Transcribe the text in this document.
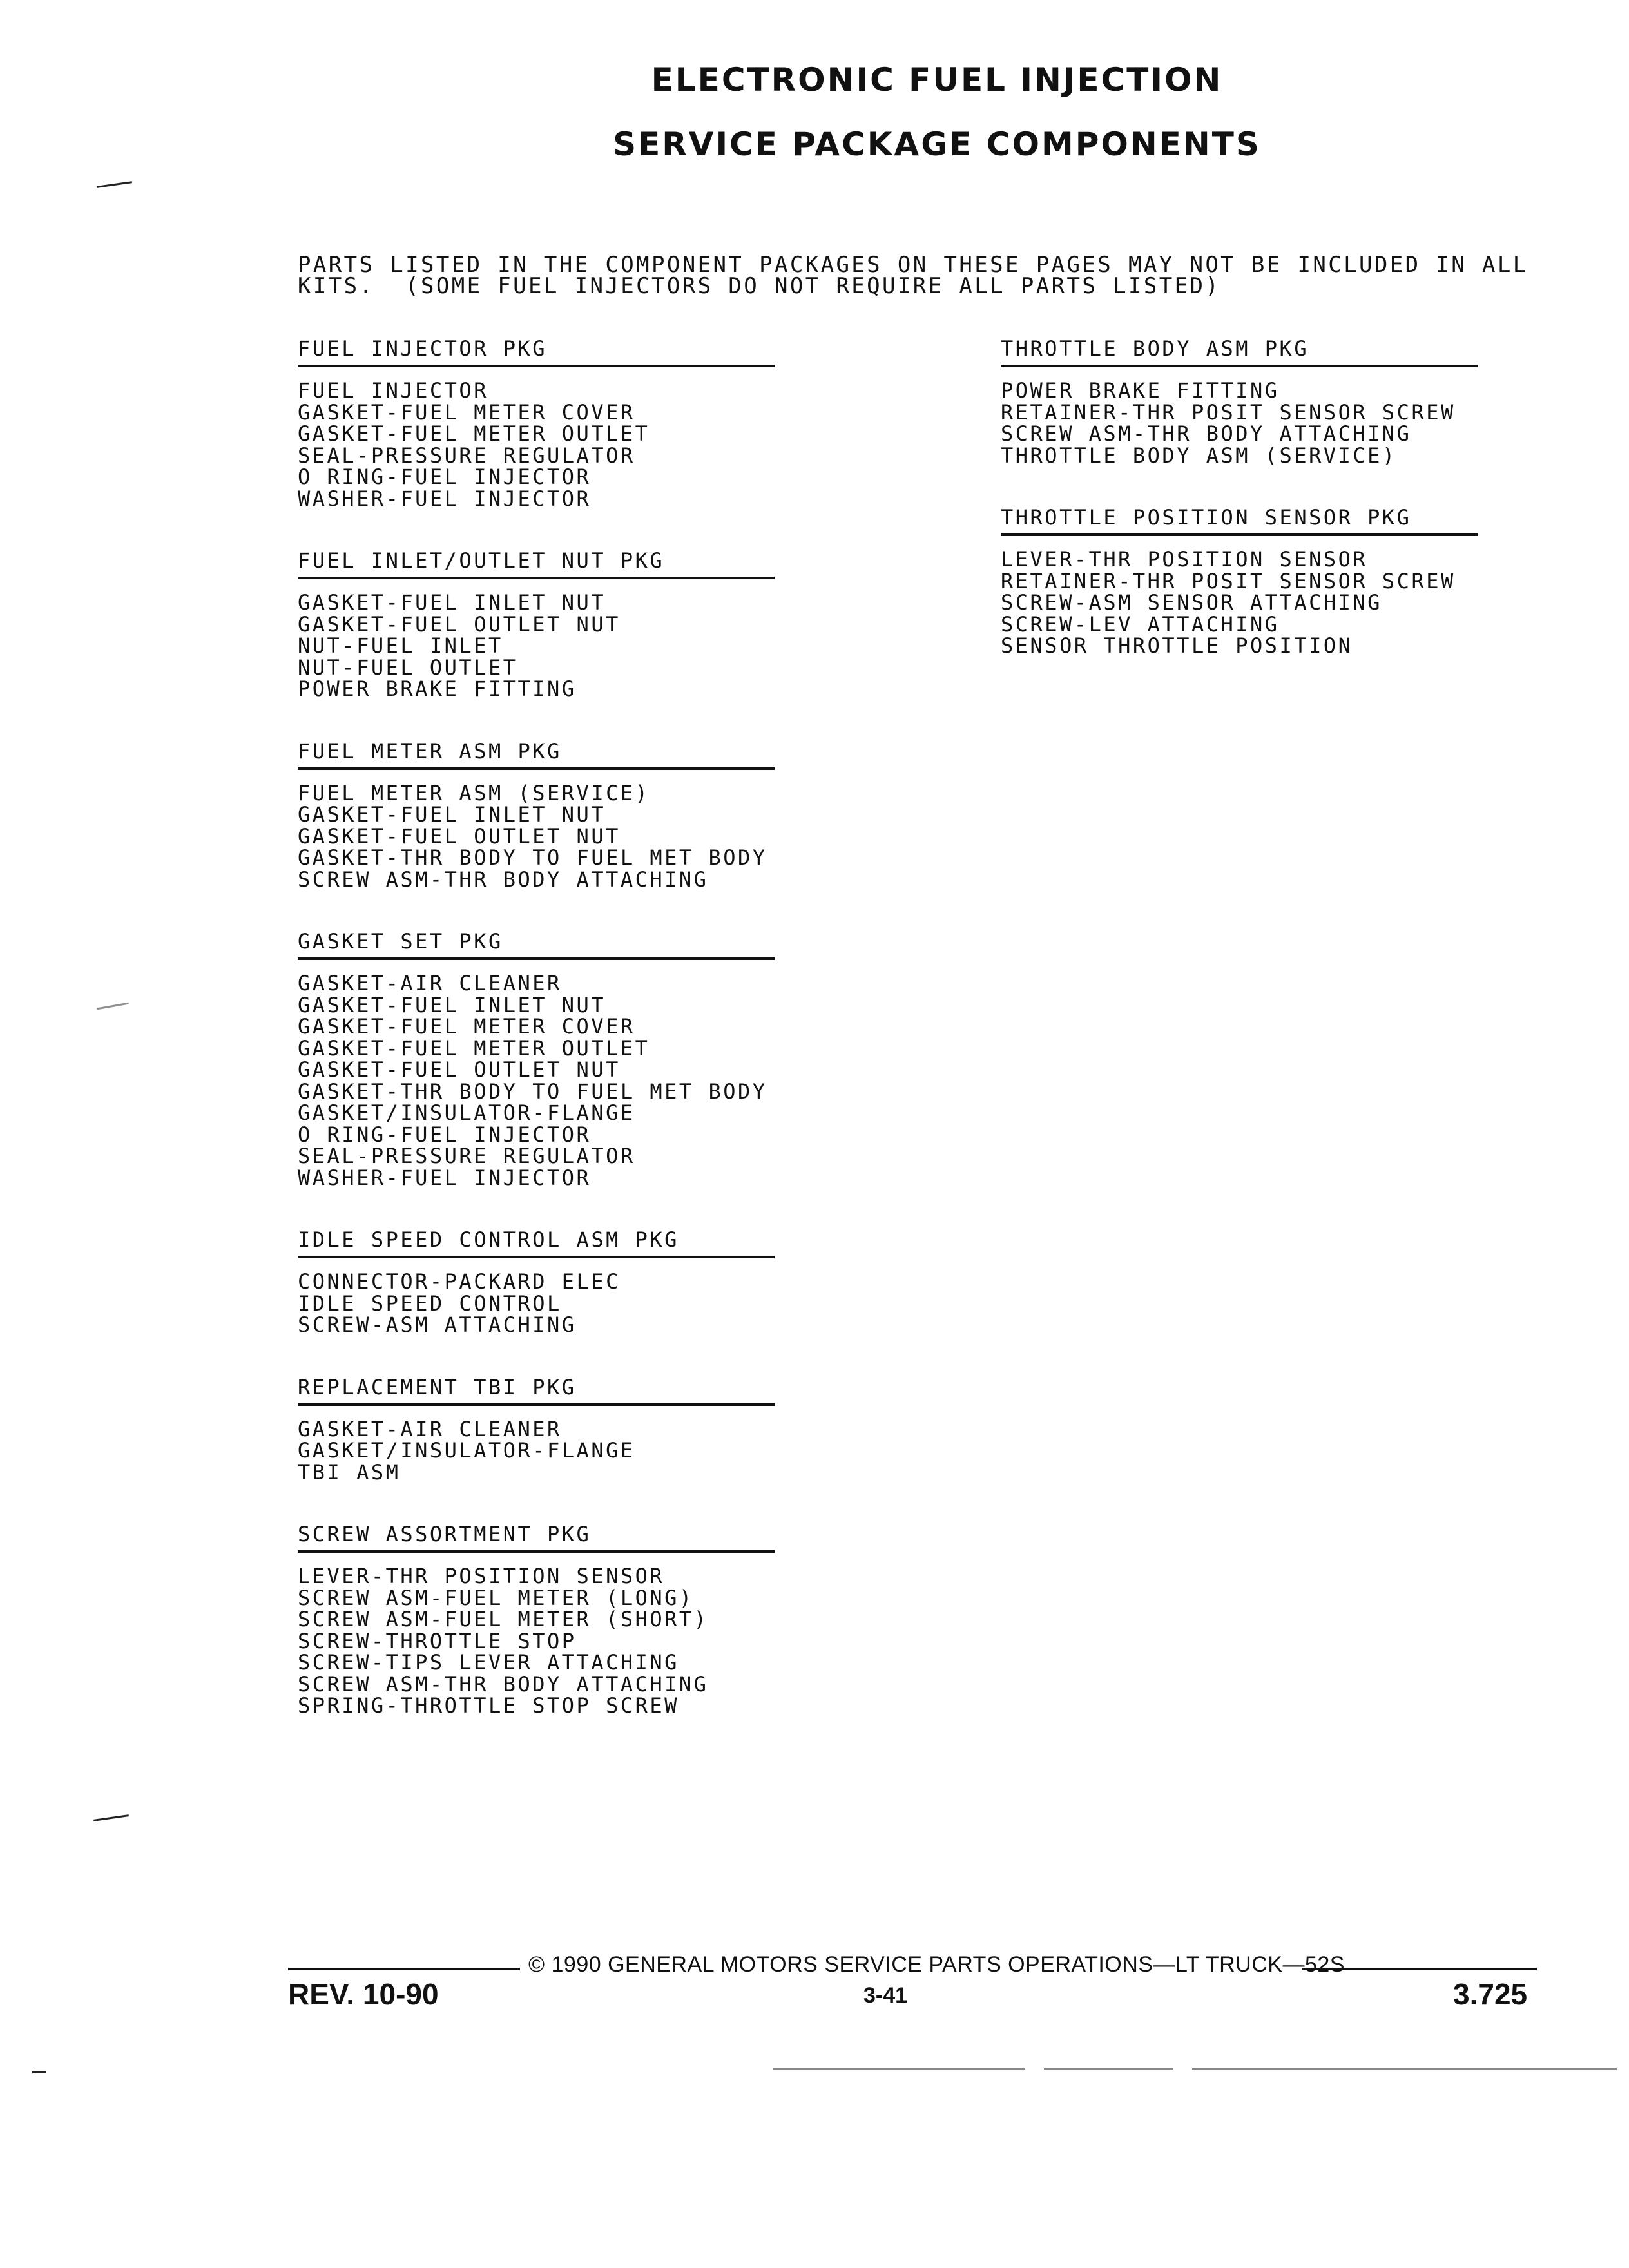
ELECTRONIC FUEL INJECTION
SERVICE PACKAGE COMPONENTS
PARTS LISTED IN THE COMPONENT PACKAGES ON THESE PAGES MAY NOT BE INCLUDED IN ALL
KITS.  (SOME FUEL INJECTORS DO NOT REQUIRE ALL PARTS LISTED)
FUEL INJECTOR PKG
FUEL INJECTOR
GASKET-FUEL METER COVER
GASKET-FUEL METER OUTLET
SEAL-PRESSURE REGULATOR
O RING-FUEL INJECTOR
WASHER-FUEL INJECTOR
FUEL INLET/OUTLET NUT PKG
GASKET-FUEL INLET NUT
GASKET-FUEL OUTLET NUT
NUT-FUEL INLET
NUT-FUEL OUTLET
POWER BRAKE FITTING
FUEL METER ASM PKG
FUEL METER ASM (SERVICE)
GASKET-FUEL INLET NUT
GASKET-FUEL OUTLET NUT
GASKET-THR BODY TO FUEL MET BODY
SCREW ASM-THR BODY ATTACHING
GASKET SET PKG
GASKET-AIR CLEANER
GASKET-FUEL INLET NUT
GASKET-FUEL METER COVER
GASKET-FUEL METER OUTLET
GASKET-FUEL OUTLET NUT
GASKET-THR BODY TO FUEL MET BODY
GASKET/INSULATOR-FLANGE
O RING-FUEL INJECTOR
SEAL-PRESSURE REGULATOR
WASHER-FUEL INJECTOR
IDLE SPEED CONTROL ASM PKG
CONNECTOR-PACKARD ELEC
IDLE SPEED CONTROL
SCREW-ASM ATTACHING
REPLACEMENT TBI PKG
GASKET-AIR CLEANER
GASKET/INSULATOR-FLANGE
TBI ASM
SCREW ASSORTMENT PKG
LEVER-THR POSITION SENSOR
SCREW ASM-FUEL METER (LONG)
SCREW ASM-FUEL METER (SHORT)
SCREW-THROTTLE STOP
SCREW-TIPS LEVER ATTACHING
SCREW ASM-THR BODY ATTACHING
SPRING-THROTTLE STOP SCREW
THROTTLE BODY ASM PKG
POWER BRAKE FITTING
RETAINER-THR POSIT SENSOR SCREW
SCREW ASM-THR BODY ATTACHING
THROTTLE BODY ASM (SERVICE)
THROTTLE POSITION SENSOR PKG
LEVER-THR POSITION SENSOR
RETAINER-THR POSIT SENSOR SCREW
SCREW-ASM SENSOR ATTACHING
SCREW-LEV ATTACHING
SENSOR THROTTLE POSITION
© 1990 GENERAL MOTORS SERVICE PARTS OPERATIONS—LT TRUCK—52S
3-41
REV. 10-90	3.725
